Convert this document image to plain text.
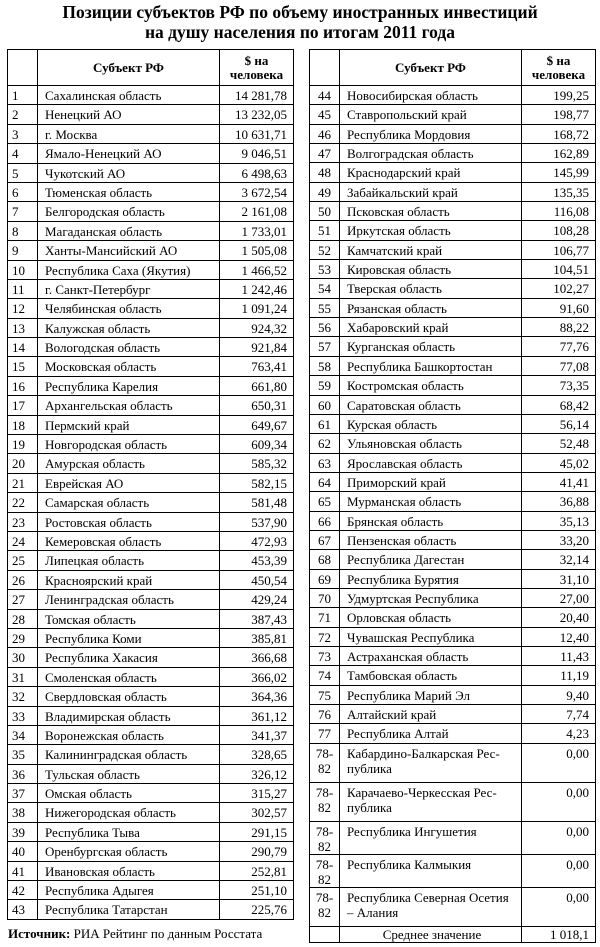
Позиции субъектов РФ по объему иностранных инвестиций
на душу населения по итогам 2011 года
	Субъект РФ	$ на
человека

1	Сахалинская область	14 281,78
2	Ненецкий АО	13 232,05
3	г. Москва	10 631,71
4	Ямало-Ненецкий АО	9 046,51
5	Чукотский АО	6 498,63
6	Тюменская область	3 672,54
7	Белгородская область	2 161,08
8	Магаданская область	1 733,01
9	Ханты-Мансийский АО	1 505,08
10	Республика Саха (Якутия)	1 466,52
11	г. Санкт-Петербург	1 242,46
12	Челябинская область	1 091,24
13	Калужская область	924,32
14	Вологодская область	921,84
15	Московская область	763,41
16	Республика Карелия	661,80
17	Архангельская область	650,31
18	Пермский край	649,67
19	Новгородская область	609,34
20	Амурская область	585,32
21	Еврейская АО	582,15
22	Самарская область	581,48
23	Ростовская область	537,90
24	Кемеровская область	472,93
25	Липецкая область	453,39
26	Красноярский край	450,54
27	Ленинградская область	429,24
28	Томская область	387,43
29	Республика Коми	385,81
30	Республика Хакасия	366,68
31	Смоленская область	366,02
32	Свердловская область	364,36
33	Владимирская область	361,12
34	Воронежская область	341,37
35	Калининградская область	328,65
36	Тульская область	326,12
37	Омская область	315,27
38	Нижегородская область	302,57
39	Республика Тыва	291,15
40	Оренбургская область	290,79
41	Ивановская область	252,81
42	Республика Адыгея	251,10
43	Республика Татарстан	225,76
	Субъект РФ	$ на
человека

44	Новосибирская область	199,25
45	Ставропольский край	198,77
46	Республика Мордовия	168,72
47	Волгоградская область	162,89
48	Краснодарский край	145,99
49	Забайкальский край	135,35
50	Псковская область	116,08
51	Иркутская область	108,28
52	Камчатский край	106,77
53	Кировская область	104,51
54	Тверская область	102,27
55	Рязанская область	91,60
56	Хабаровский край	88,22
57	Курганская область	77,76
58	Республика Башкортостан	77,08
59	Костромская область	73,35
60	Саратовская область	68,42
61	Курская область	56,14
62	Ульяновская область	52,48
63	Ярославская область	45,02
64	Приморский край	41,41
65	Мурманская область	36,88
66	Брянская область	35,13
67	Пензенская область	33,20
68	Республика Дагестан	32,14
69	Республика Бурятия	31,10
70	Удмуртская Республика	27,00
71	Орловская область	20,40
72	Чувашская Республика	12,40
73	Астраханская область	11,43
74	Тамбовская область	11,19
75	Республика Марий Эл	9,40
76	Алтайский край	7,74
77	Республика Алтай	4,23
78-82	Кабардино-Балкарская Рес-публика	0,00
78-82	Карачаево-Черкесская Рес-публика	0,00
78-82	Республика Ингушетия	0,00
78-82	Республика Калмыкия	0,00
78-82	Республика Северная Осетия – Алания	0,00
	Среднее значение	1 018,1
Источник: РИА Рейтинг по данным Росстата
